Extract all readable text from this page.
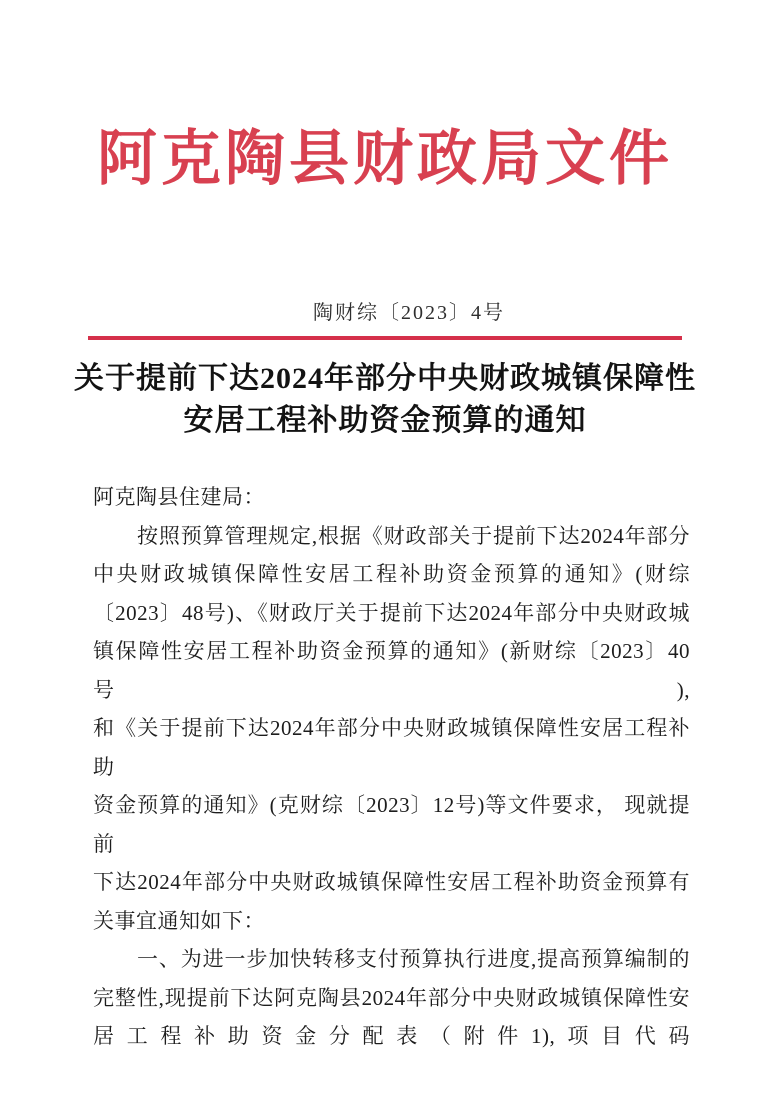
阿克陶县财政局文件
陶财综〔2023〕4号
关于提前下达2024年部分中央财政城镇保障性
安居工程补助资金预算的通知
阿克陶县住建局：
按照预算管理规定,根据《财政部关于提前下达2024年部分
中央财政城镇保障性安居工程补助资金预算的通知》(财综
〔2023〕48号)、《财政厅关于提前下达2024年部分中央财政城
镇保障性安居工程补助资金预算的通知》(新财综〔2023〕40号),
和《关于提前下达2024年部分中央财政城镇保障性安居工程补助
资金预算的通知》(克财综〔2023〕12号)等文件要求， 现就提前
下达2024年部分中央财政城镇保障性安居工程补助资金预算有
关事宜通知如下：
一、为进一步加快转移支付预算执行进度,提高预算编制的
完整性,现提前下达阿克陶县2024年部分中央财政城镇保障性安
居工程补助资金分配表（附件1),项目代码
